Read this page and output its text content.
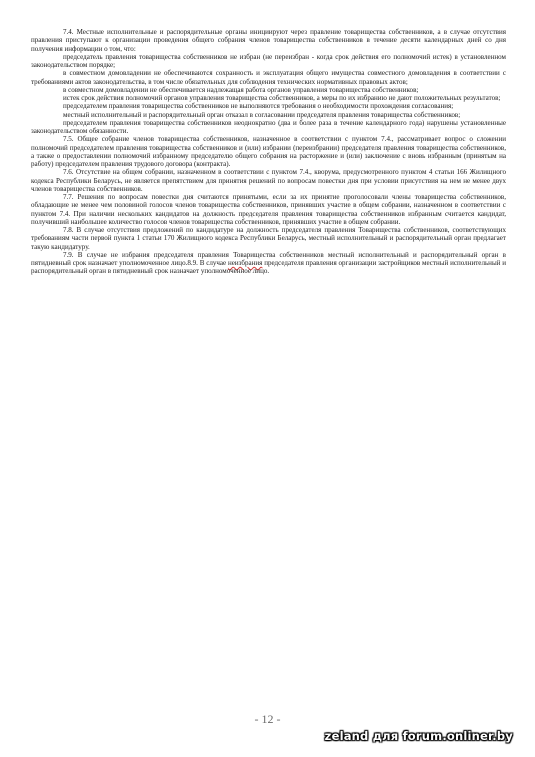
7.4. Местные исполнительные и распорядительные органы инициируют через правление товарищества собственников, а в случае отсутствия правления приступают к организации проведения общего собрания членов товарищества собственников в течение десяти календарных дней со дня получения информации о том, что:

председатель правления товарищества собственников не избран (не переизбран - когда срок действия его полномочий истек) в установленном законодательством порядке;

в совместном домовладении не обеспечиваются сохранность и эксплуатация общего имущества совместного домовладения в соответствии с требованиями актов законодательства, в том числе обязательных для соблюдения технических нормативных правовых актов;

в совместном домовладении не обеспечивается надлежащая работа органов управления товарищества собственников;

истек срок действия полномочий органов управления товарищества собственников, а меры по их избранию не дают положительных результатов;

председателем правления товарищества собственников не выполняются требования о необходимости прохождения согласования;

местный исполнительный и распорядительный орган отказал в согласовании председателя правления товарищества собственников;

председателем правления товарищества собственников неоднократно (два и более раза в течение календарного года) нарушены установленные законодательством обязанности.

7.5. Общее собрание членов товарищества собственников, назначенное в соответствии с пунктом 7.4., рассматривает вопрос о сложении полномочий председателем правления товарищества собственников и (или) избрании (переизбрании) председателя правления товарищества собственников, а также о предоставлении полномочий избранному председателю общего собрания на расторжение и (или) заключение с вновь избранным (принятым на работу) председателем правления трудового договора (контракта).

7.6. Отсутствие на общем собрании, назначенном в соответствии с пунктом 7.4., кворума, предусмотренного пунктом 4 статьи 166 Жилищного кодекса Республики Беларусь, не является препятствием для принятия решений по вопросам повестки дня при условии присутствия на нем не менее двух членов товарищества собственников.

7.7. Решения по вопросам повестки дня считаются принятыми, если за их принятие проголосовали члены товарищества собственников, обладающие не менее чем половиной голосов членов товарищества собственников, принявших участие в общем собрании, назначенном в соответствии с пунктом 7.4. При наличии нескольких кандидатов на должность председателя правления товарищества собственников избранным считается кандидат, получивший наибольшее количество голосов членов товарищества собственников, принявших участие в общем собрании.

7.8. В случае отсутствия предложений по кандидатуре на должность председателя правления Товарищества собственников, соответствующих требованиям части первой пункта 1 статьи 170 Жилищного кодекса Республики Беларусь, местный исполнительный и распорядительный орган предлагает такую кандидатуру.

7.9. В случае не избрания председателя правления Товарищества собственников местный исполнительный и распорядительный орган в пятидневный срок назначает уполномоченное лицо.8.9. В случае неизбрания председателя правления организации застройщиков местный исполнительный и распорядительный орган в пятидневный срок назначает уполномоченное лицо.

- 12 -
zeland для forum.onliner.by
